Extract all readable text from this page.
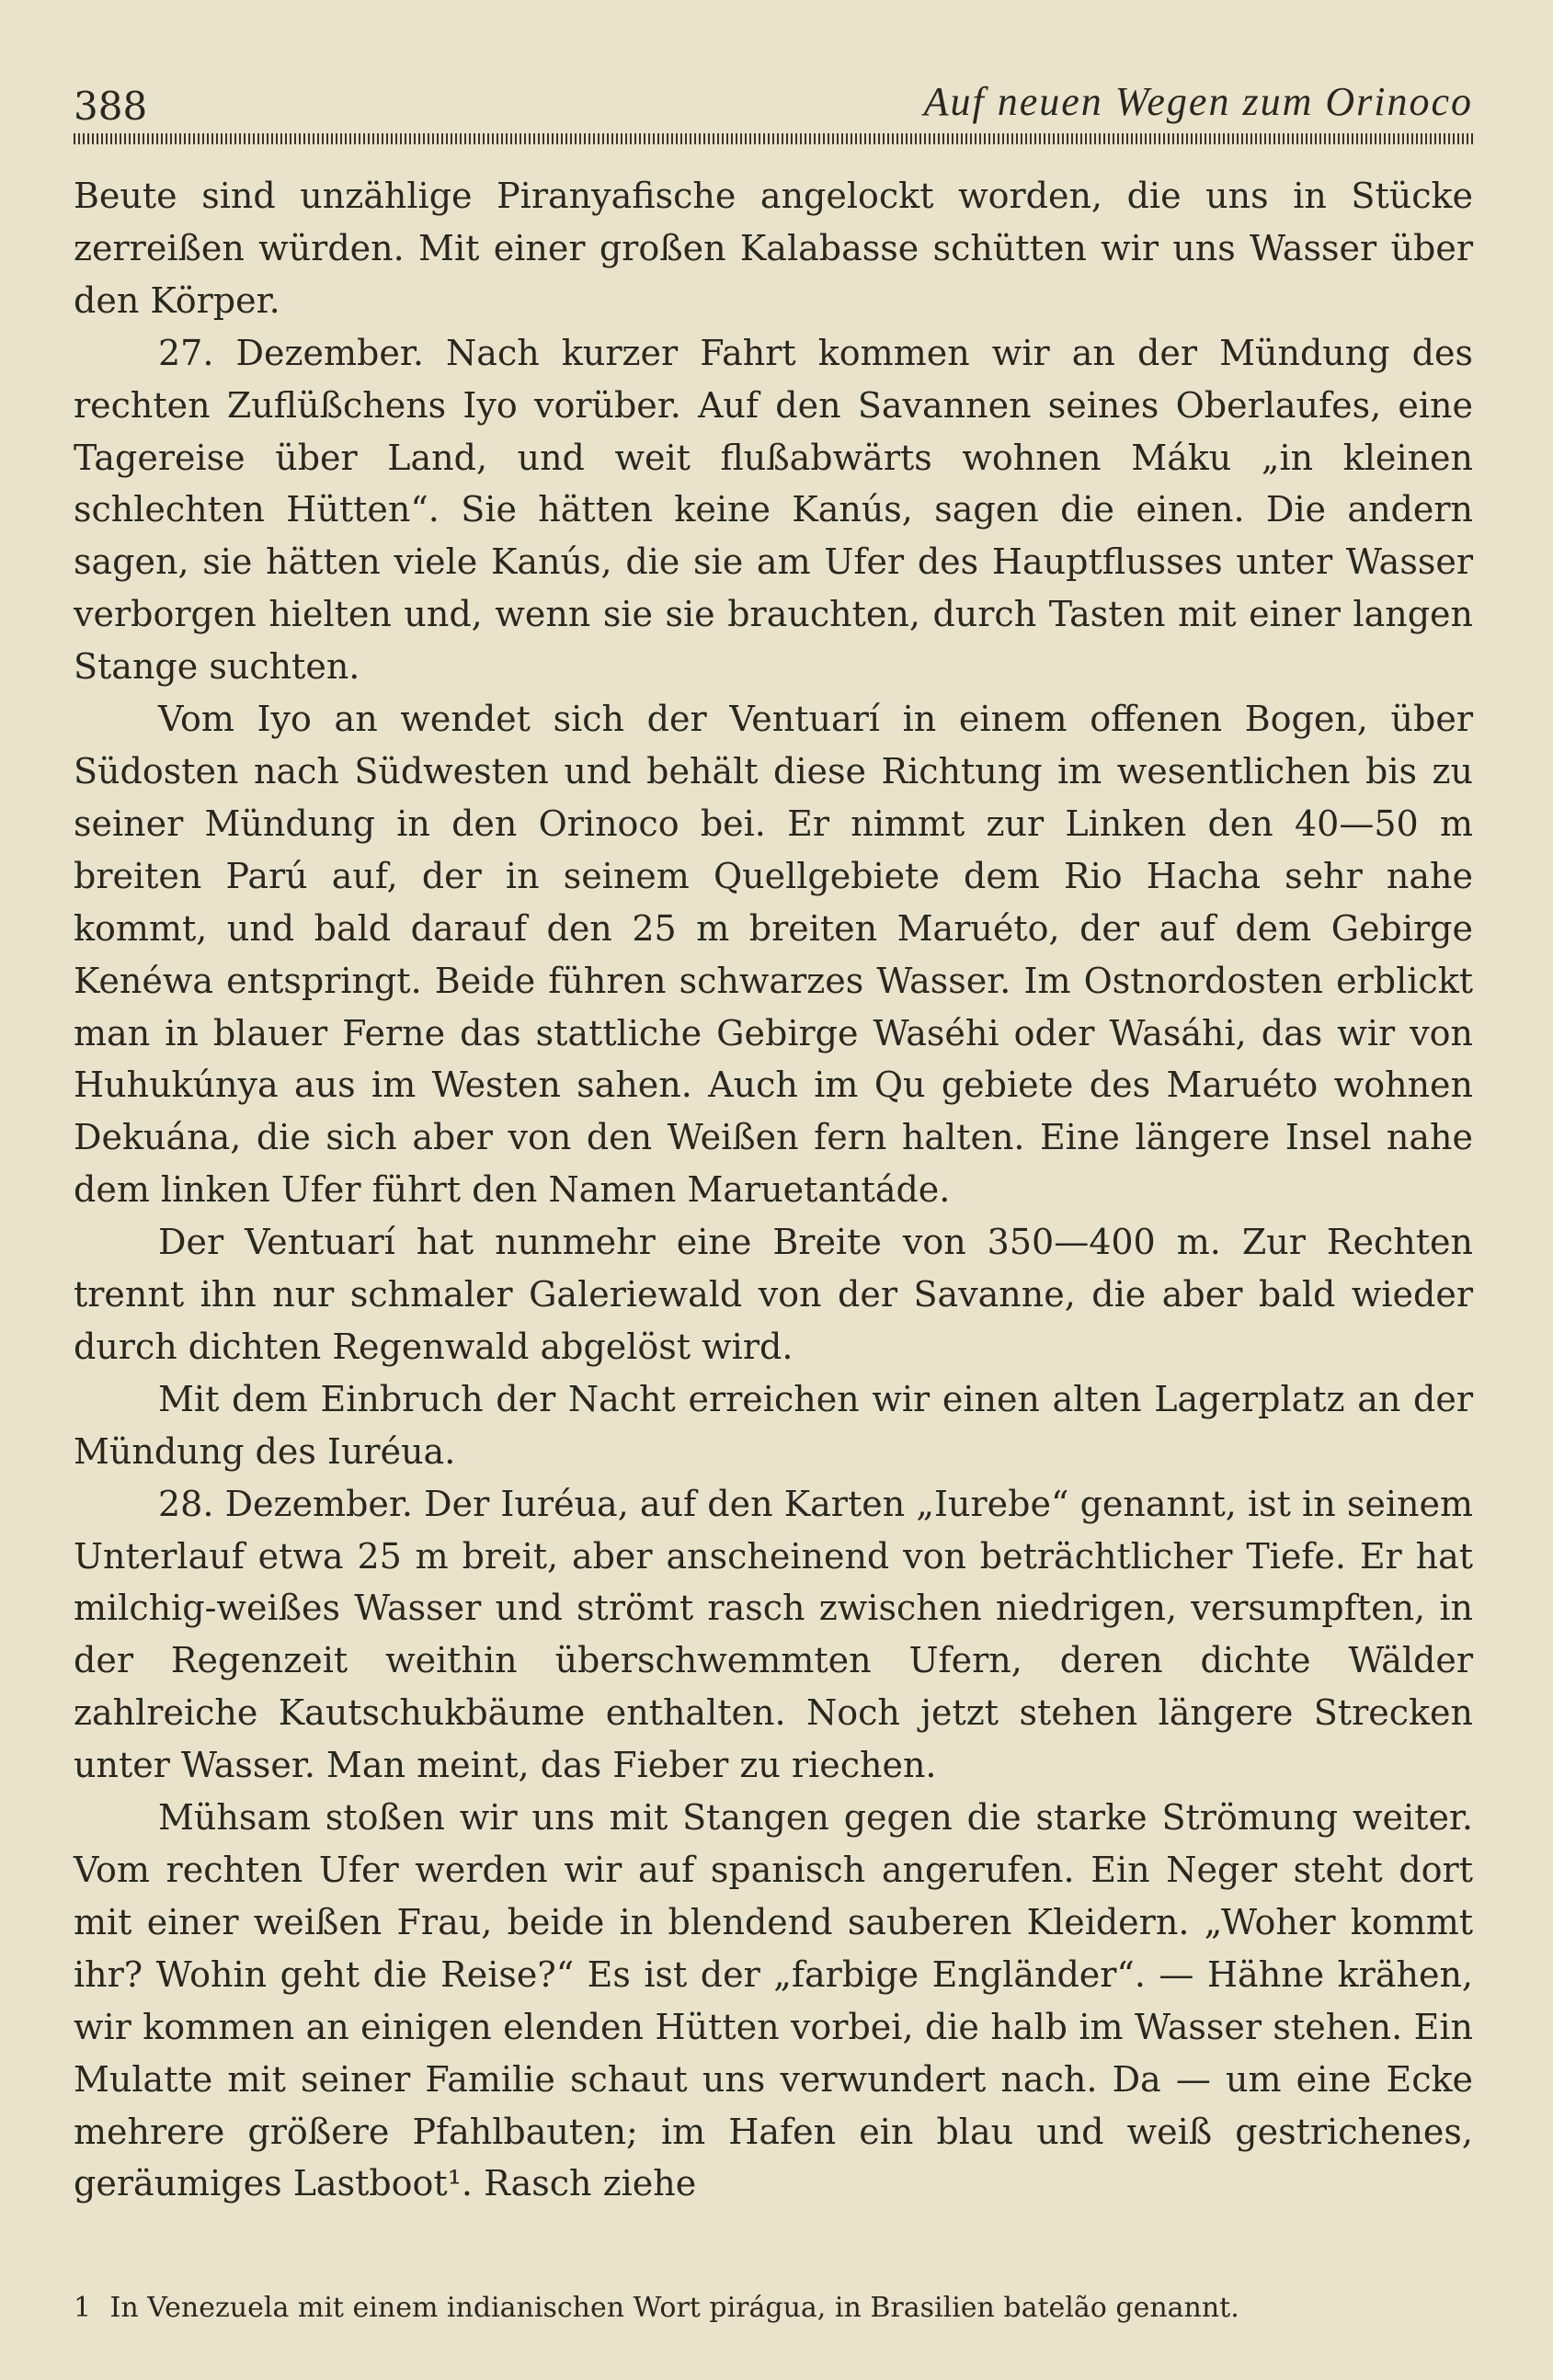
388	Auf neuen Wegen zum Orinoco

Beute sind unzählige Piranyafische angelockt worden, die uns in Stücke zerreißen würden. Mit einer großen Kalabasse schütten wir uns Wasser über den Körper.

27. Dezember. Nach kurzer Fahrt kommen wir an der Mündung des rechten Zuflüßchens Iyo vorüber. Auf den Savannen seines Oberlaufes, eine Tagereise über Land, und weit flußabwärts wohnen Máku „in kleinen schlechten Hütten“. Sie hätten keine Kanús, sagen die einen. Die andern sagen, sie hätten viele Kanús, die sie am Ufer des Hauptflusses unter Wasser verborgen hielten und, wenn sie sie brauchten, durch Tasten mit einer langen Stange suchten.

Vom Iyo an wendet sich der Ventuarí in einem offenen Bogen, über Südosten nach Südwesten und behält diese Richtung im wesentlichen bis zu seiner Mündung in den Orinoco bei. Er nimmt zur Linken den 40—50 m breiten Parú auf, der in seinem Quellgebiete dem Rio Hacha sehr nahe kommt, und bald darauf den 25 m breiten Maruéto, der auf dem Gebirge Kenéwa entspringt. Beide führen schwarzes Wasser. Im Ostnordosten erblickt man in blauer Ferne das stattliche Gebirge Waséhi oder Wasáhi, das wir von Huhukúnya aus im Westen sahen. Auch im Qu gebiete des Maruéto wohnen Dekuána, die sich aber von den Weißen fern halten. Eine längere Insel nahe dem linken Ufer führt den Namen Maruetantáde.

Der Ventuarí hat nunmehr eine Breite von 350—400 m. Zur Rechten trennt ihn nur schmaler Galeriewald von der Savanne, die aber bald wieder durch dichten Regenwald abgelöst wird.

Mit dem Einbruch der Nacht erreichen wir einen alten Lagerplatz an der Mündung des Iuréua.

28. Dezember. Der Iuréua, auf den Karten „Iurebe“ genannt, ist in seinem Unterlauf etwa 25 m breit, aber anscheinend von beträchtlicher Tiefe. Er hat milchig-weißes Wasser und strömt rasch zwischen niedrigen, versumpften, in der Regenzeit weithin überschwemmten Ufern, deren dichte Wälder zahlreiche Kautschukbäume enthalten. Noch jetzt stehen längere Strecken unter Wasser. Man meint, das Fieber zu riechen.

Mühsam stoßen wir uns mit Stangen gegen die starke Strömung weiter. Vom rechten Ufer werden wir auf spanisch angerufen. Ein Neger steht dort mit einer weißen Frau, beide in blendend sauberen Kleidern. „Woher kommt ihr? Wohin geht die Reise?“ Es ist der „farbige Engländer“. — Hähne krähen, wir kommen an einigen elenden Hütten vorbei, die halb im Wasser stehen. Ein Mulatte mit seiner Familie schaut uns verwundert nach. Da — um eine Ecke mehrere größere Pfahlbauten; im Hafen ein blau und weiß gestrichenes, geräumiges Lastboot¹. Rasch ziehe

1 In Venezuela mit einem indianischen Wort pirágua, in Brasilien batelão genannt.
